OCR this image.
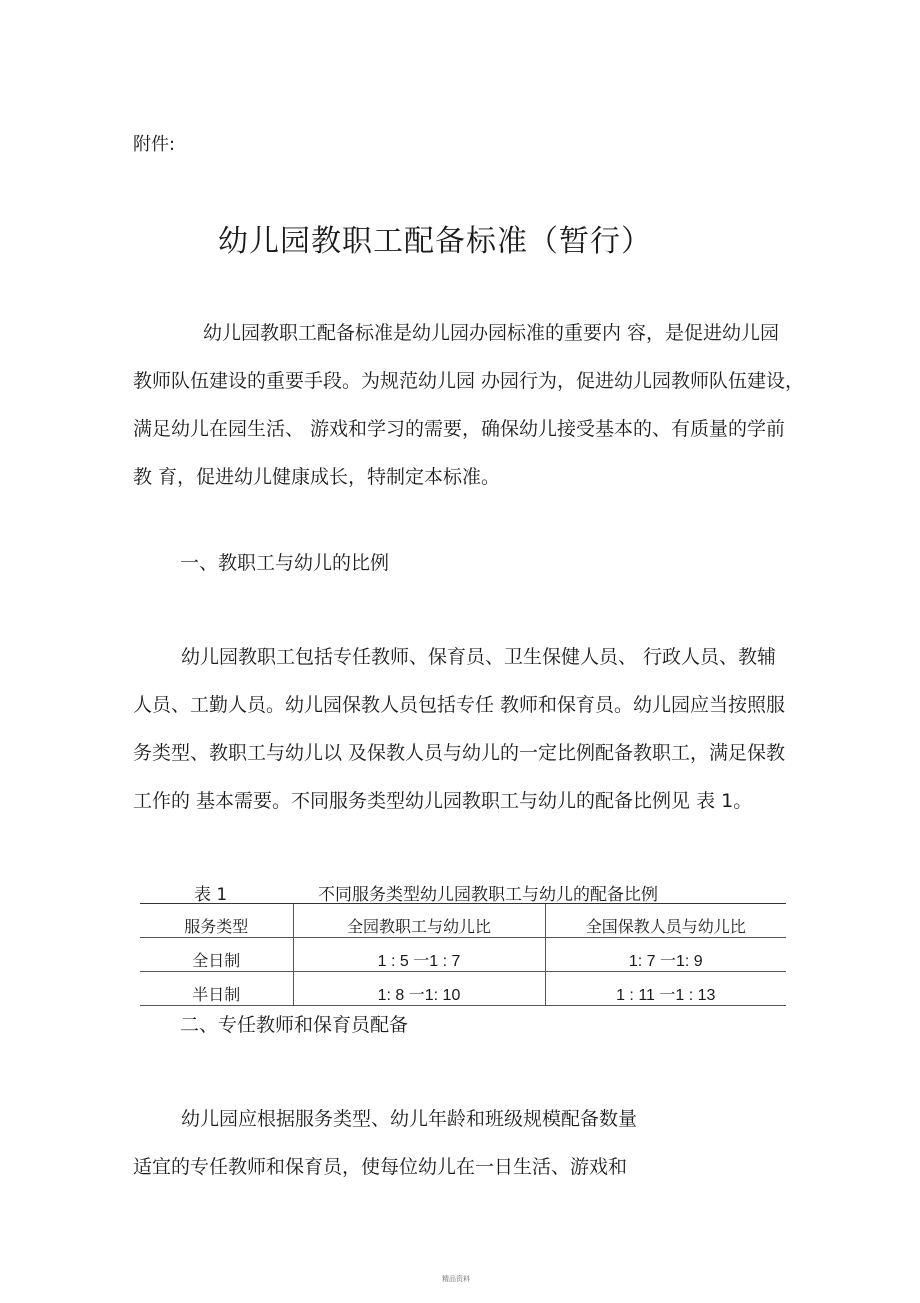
附件:
幼儿园教职工配备标准（暂行）
幼儿园教职工配备标准是幼儿园办园标准的重要内 容，是促进幼儿园
教师队伍建设的重要手段。为规范幼儿园 办园行为，促进幼儿园教师队伍建设，
满足幼儿在园生活、 游戏和学习的需要，确保幼儿接受基本的、有质量的学前
教 育，促进幼儿健康成长，特制定本标准。
一、教职工与幼儿的比例
幼儿园教职工包括专任教师、保育员、卫生保健人员、 行政人员、教辅
人员、工勤人员。幼儿园保教人员包括专任 教师和保育员。幼儿园应当按照服
务类型、教职工与幼儿以 及保教人员与幼儿的一定比例配备教职工，满足保教
工作的 基本需要。不同服务类型幼儿园教职工与幼儿的配备比例见 表 1。
表 1	不同服务类型幼儿园教职工与幼儿的配备比例
服务类型	全园教职工与幼儿比	全国保教人员与幼儿比
全日制	1 : 5 一1 : 7	1: 7 一1: 9
半日制	1: 8 一1: 10	1 : 11 一1 : 13
二、专任教师和保育员配备
幼儿园应根据服务类型、幼儿年龄和班级规模配备数量
适宜的专任教师和保育员，使每位幼儿在一日生活、游戏和
精品资料
